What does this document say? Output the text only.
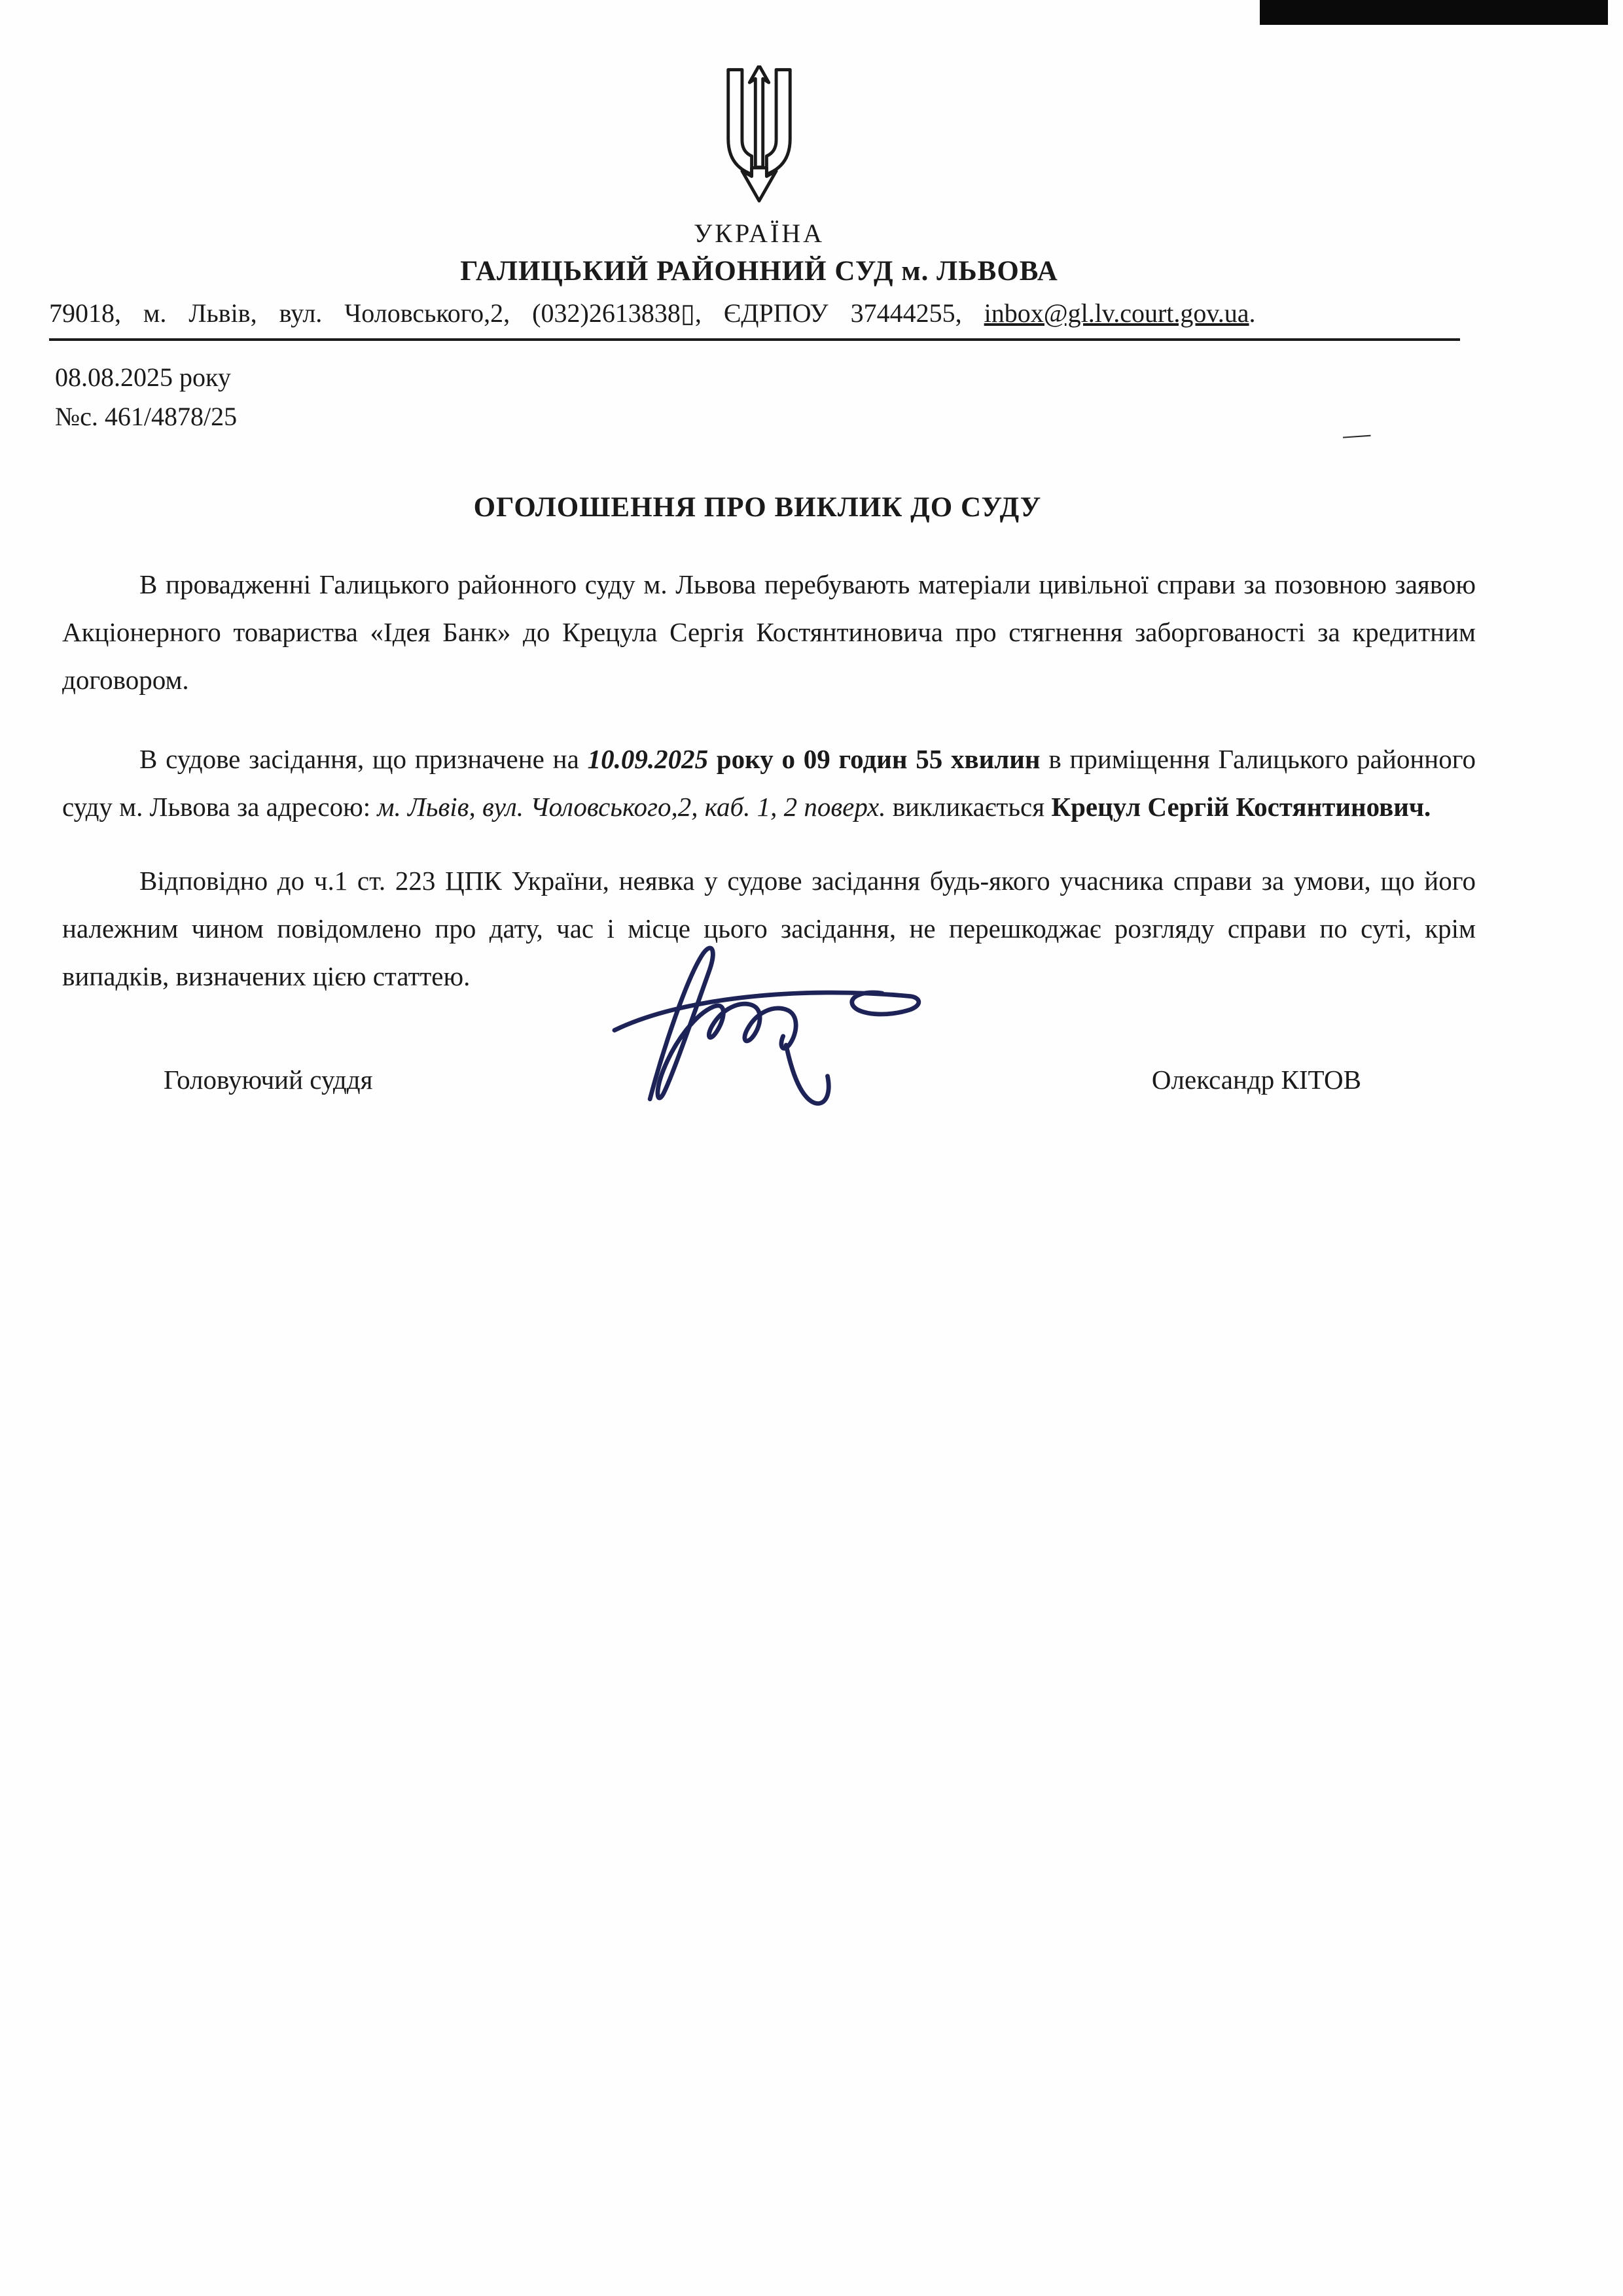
УКРАЇНА
ГАЛИЦЬКИЙ РАЙОННИЙ СУД м. ЛЬВОВА
79018, м. Львів, вул. Чоловського,2, (032)2613838▯, ЄДРПОУ 37444255, inbox@gl.lv.court.gov.ua.
08.08.2025 року
№с. 461/4878/25
—
ОГОЛОШЕННЯ ПРО ВИКЛИК ДО СУДУ

В провадженні Галицького районного суду м. Львова перебувають матеріали цивільної справи за позовною заявою Акціонерного товариства «Ідея Банк» до Крецула Сергія Костянтиновича про стягнення заборгованості за кредитним договором.

В судове засідання, що призначене на 10.09.2025 року о 09 годин 55 хвилин в приміщення Галицького районного суду м. Львова за адресою: м. Львів, вул. Чоловського,2, каб. 1, 2 поверх. викликається Крецул Сергій Костянтинович.

Відповідно до ч.1 ст. 223 ЦПК України, неявка у судове засідання будь-якого учасника справи за умови, що його належним чином повідомлено про дату, час і місце цього засідання, не перешкоджає розгляду справи по суті, крім випадків, визначених цією статтею.

Головуючий суддя	Олександр КІТОВ
